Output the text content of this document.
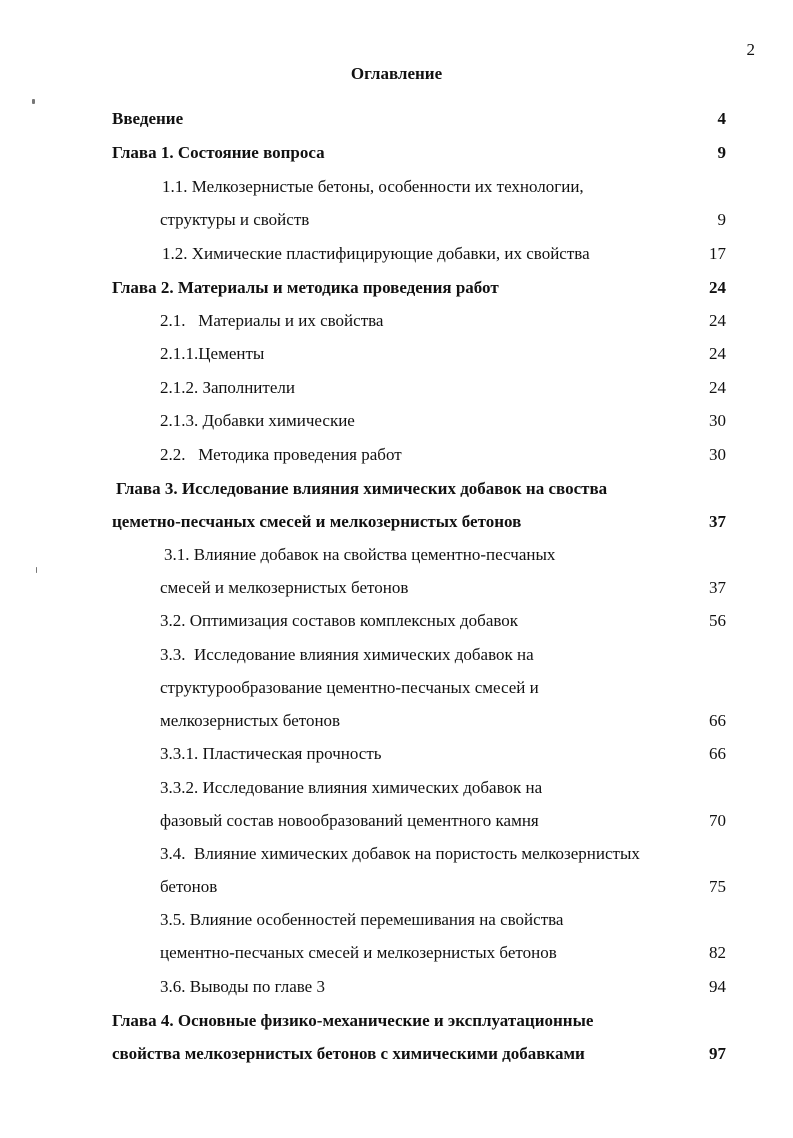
2
Оглавление
Введение	4
Глава 1. Состояние вопроса	9
1.1. Мелкозернистые бетоны, особенности их технологии,
структуры и свойств	9
1.2. Химические пластифицирующие добавки, их свойства	17
Глава 2. Материалы и методика проведения работ	24
2.1.   Материалы и их свойства	24
2.1.1.Цементы	24
2.1.2. Заполнители	24
2.1.3. Добавки химические	30
2.2.   Методика проведения работ	30
Глава 3. Исследование влияния химических добавок на своства
цеметно-песчаных смесей и мелкозернистых бетонов	37
3.1. Влияние добавок на свойства цементно-песчаных
смесей и мелкозернистых бетонов	37
3.2. Оптимизация составов комплексных добавок	56
3.3.  Исследование влияния химических добавок на
структурообразование цементно-песчаных смесей и
мелкозернистых бетонов	66
3.3.1. Пластическая прочность	66
3.3.2. Исследование влияния химических добавок на
фазовый состав новообразований цементного камня	70
3.4.  Влияние химических добавок на пористость мелкозернистых
бетонов	75
3.5. Влияние особенностей перемешивания на свойства
цементно-песчаных смесей и мелкозернистых бетонов	82
3.6. Выводы по главе 3	94
Глава 4. Основные физико-механические и эксплуатационные
свойства мелкозернистых бетонов с химическими добавками	97
